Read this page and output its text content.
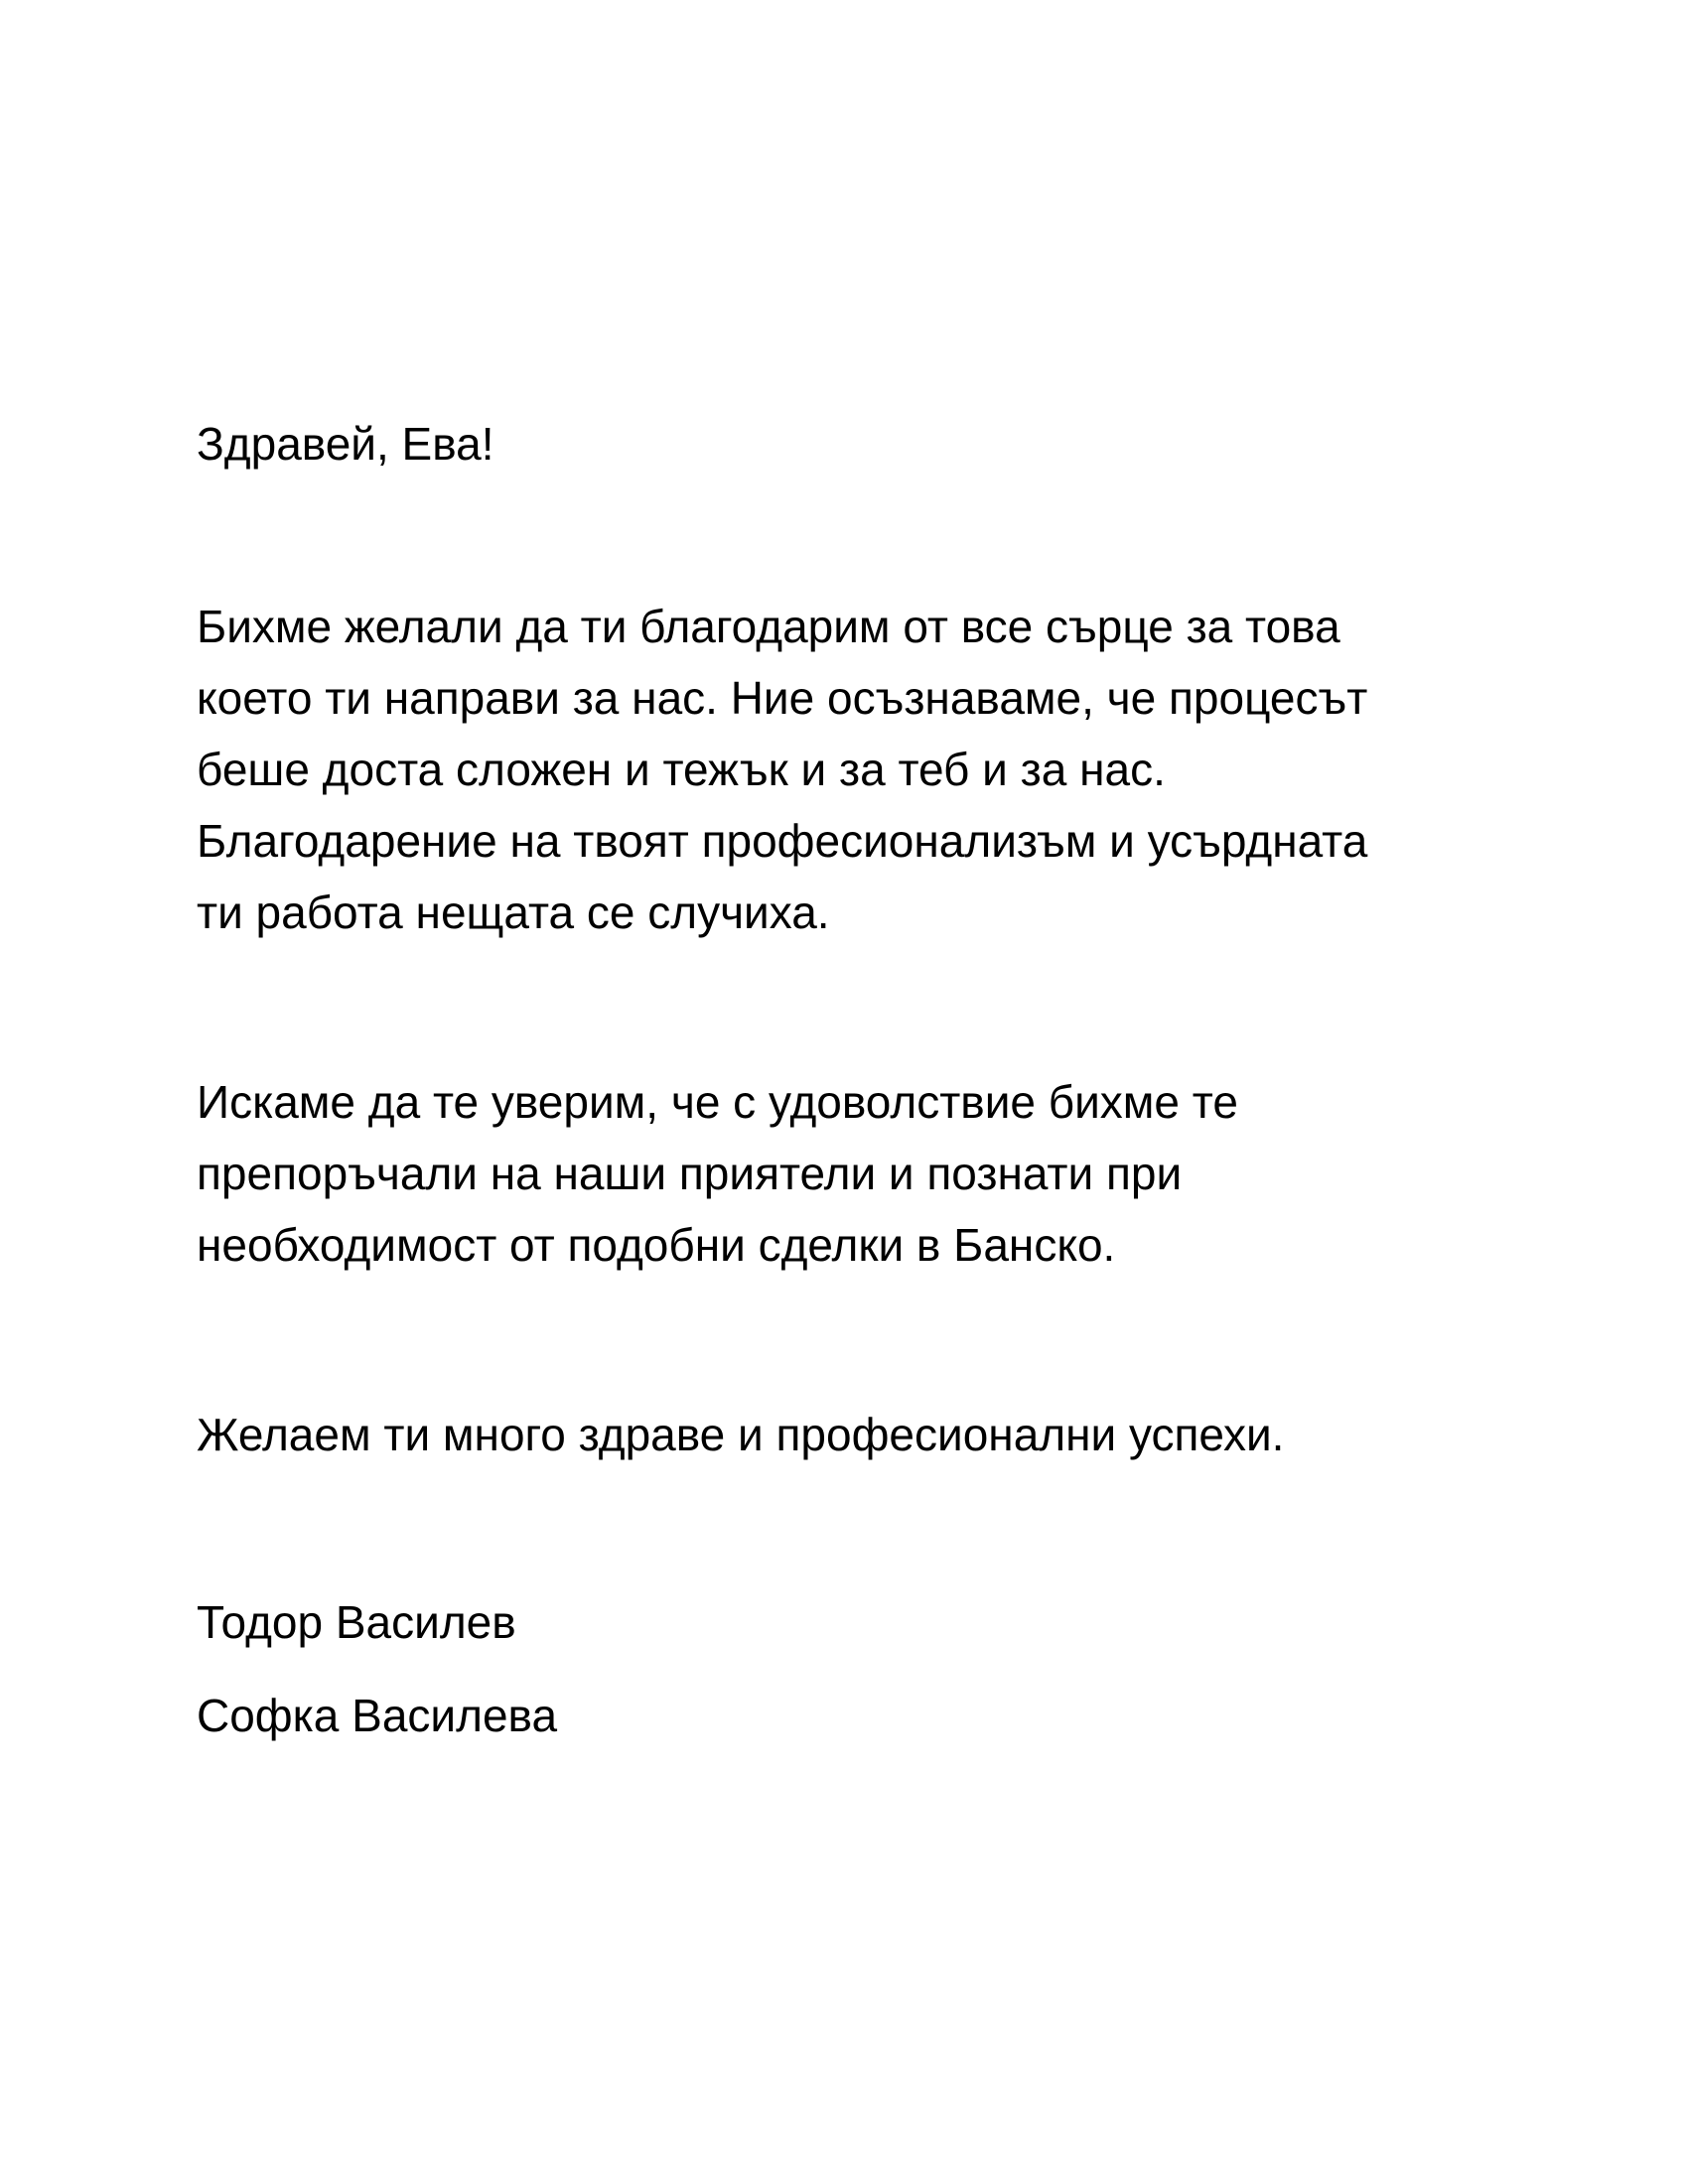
Здравей, Ева!

Бихме желали да ти благодарим от все сърце за това
което ти направи за нас. Ние осъзнаваме, че процесът
беше доста сложен и тежък и за теб и за нас.
Благодарение на твоят професионализъм и усърдната
ти работа нещата се случиха.

Искаме да те уверим, че с удоволствие бихме те
препоръчали на наши приятели и познати при
необходимост от подобни сделки в Банско.

Желаем ти много здраве и професионални успехи.

Тодор Василев

Софка Василева
